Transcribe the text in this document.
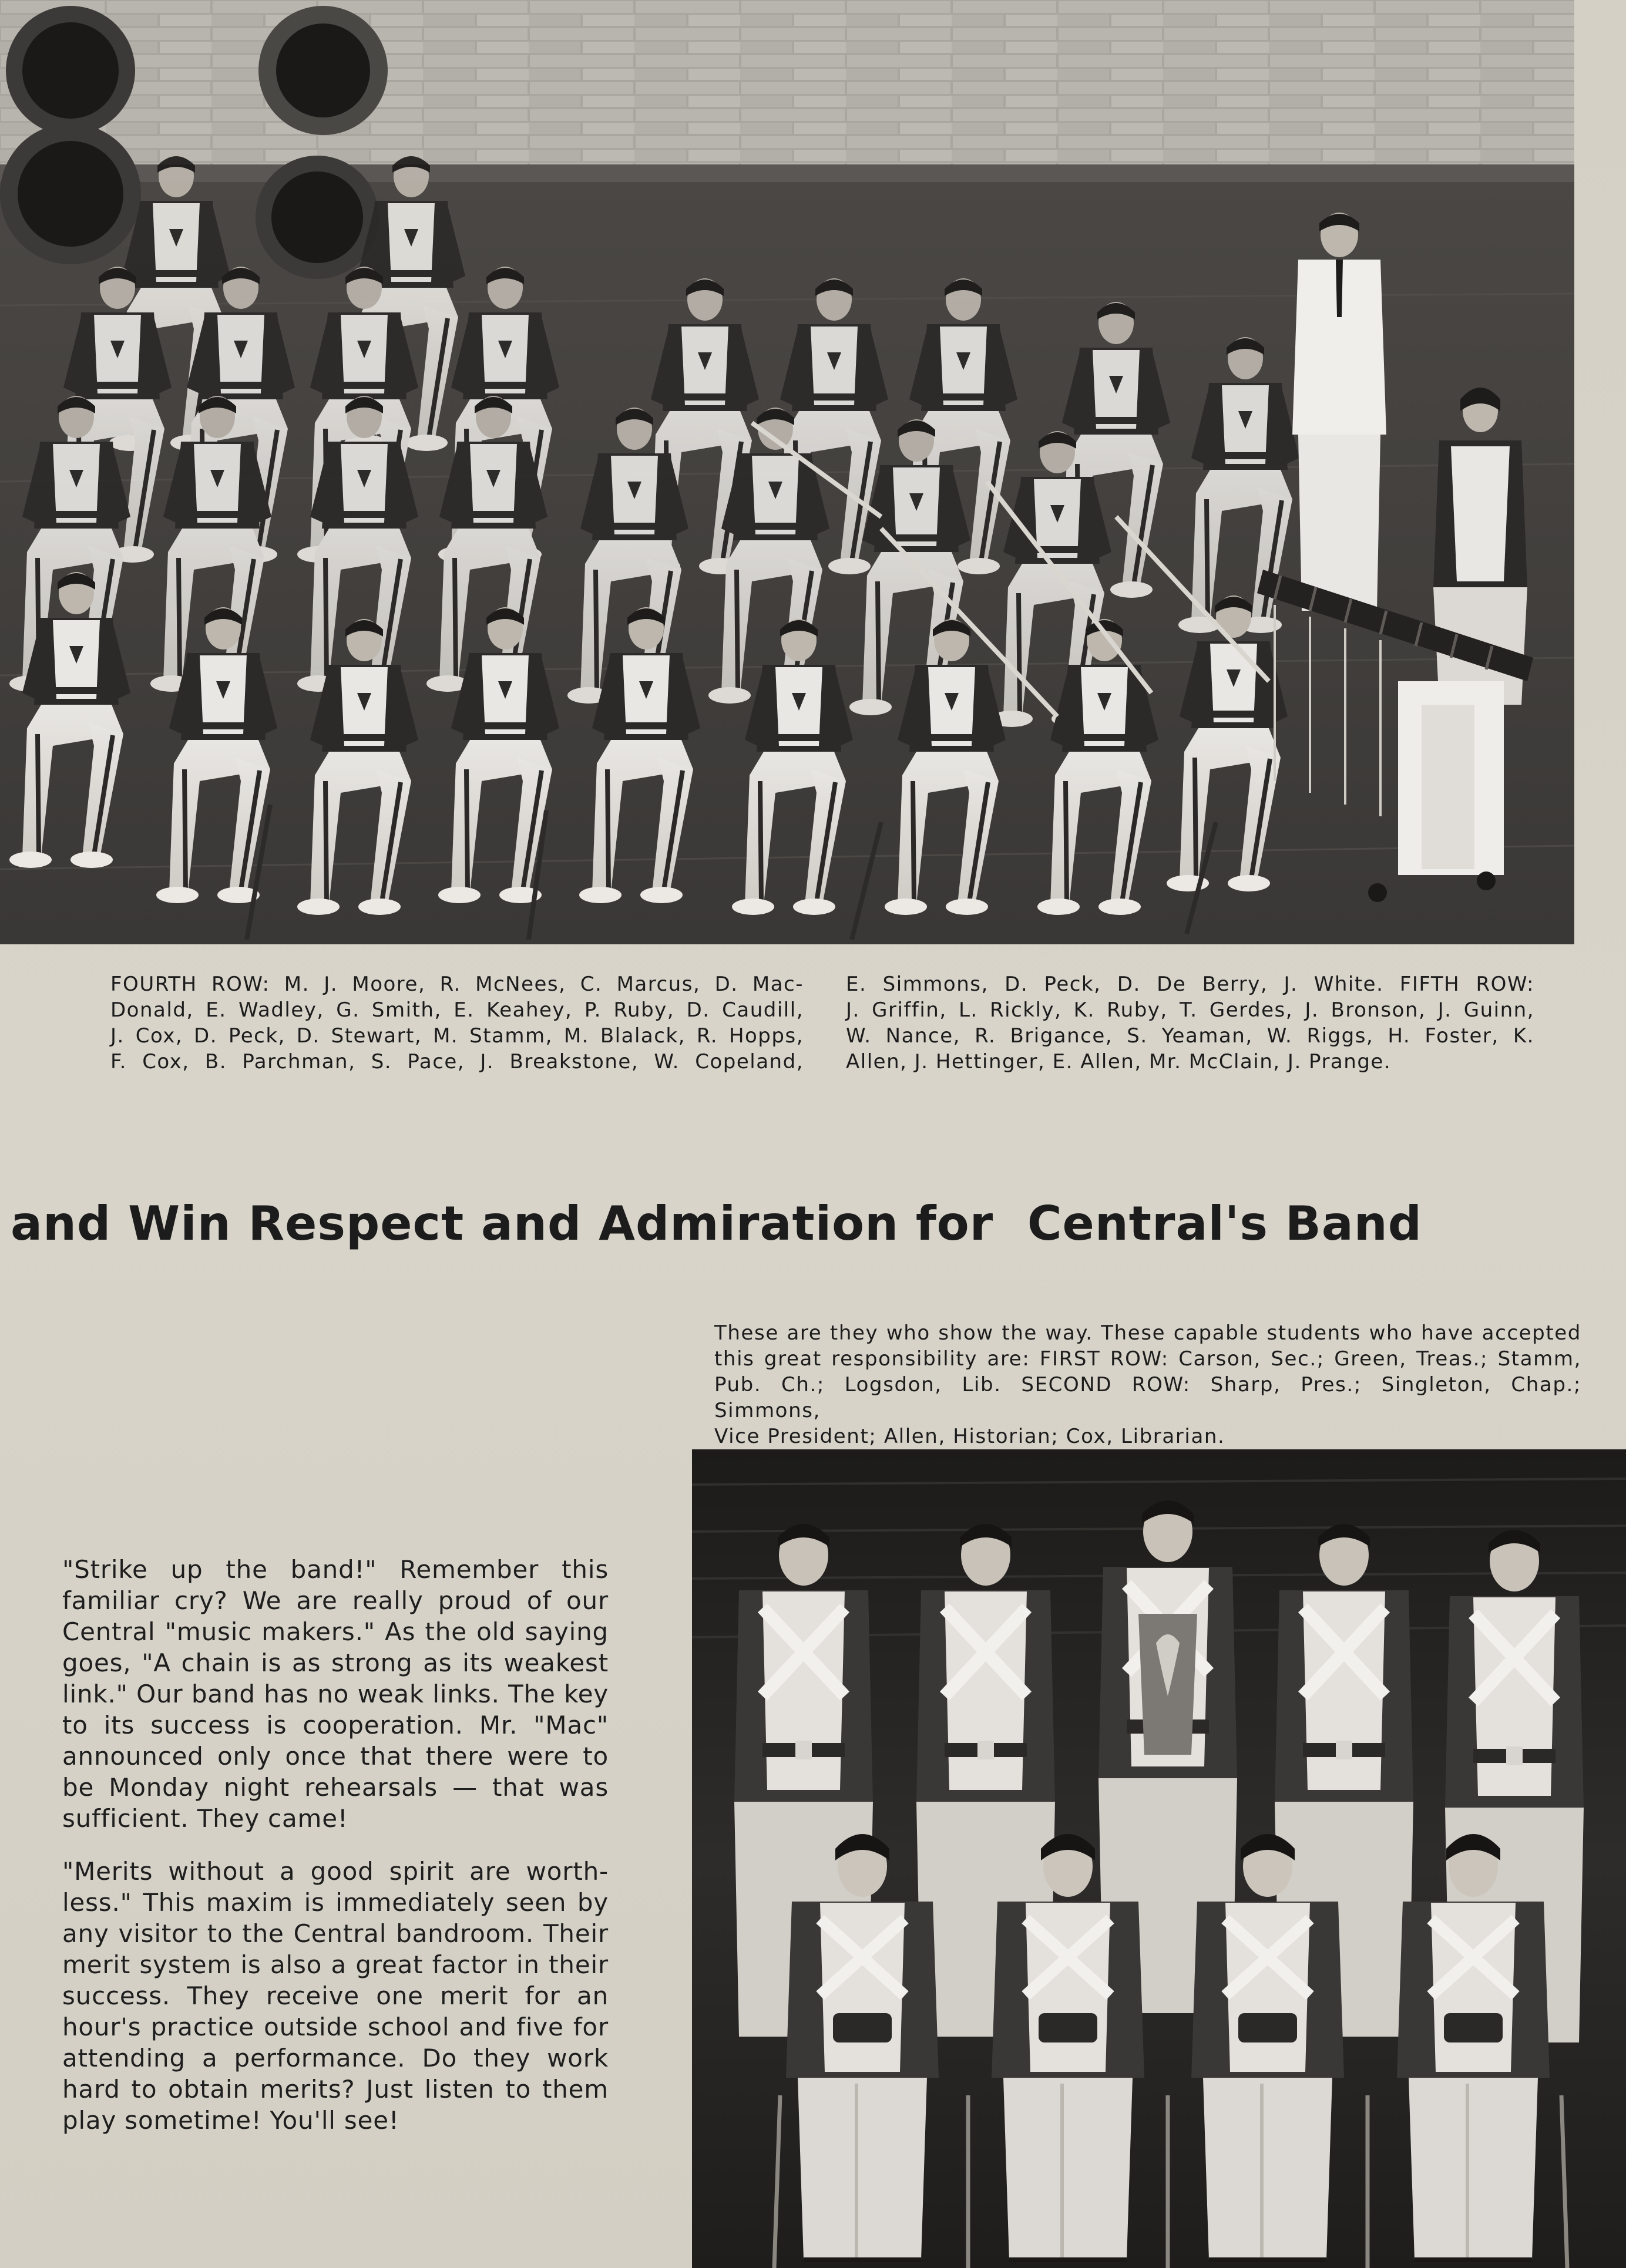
FOURTH ROW: M. J. Moore, R. McNees, C. Marcus, D. Mac-
Donald, E. Wadley, G. Smith, E. Keahey, P. Ruby, D. Caudill,
J. Cox, D. Peck, D. Stewart, M. Stamm, M. Blalack, R. Hopps,
F. Cox, B. Parchman, S. Pace, J. Breakstone, W. Copeland,
E. Simmons, D. Peck, D. De Berry, J. White. FIFTH ROW:
J. Griffin, L. Rickly, K. Ruby, T. Gerdes, J. Bronson, J. Guinn,
W. Nance, R. Brigance, S. Yeaman, W. Riggs, H. Foster, K.
Allen, J. Hettinger, E. Allen, Mr. McClain, J. Prange.
and Win Respect and Admiration for  Central's Band
These are they who show the way. These capable students who have accepted
this great responsibility are: FIRST ROW: Carson, Sec.; Green, Treas.; Stamm,
Pub. Ch.; Logsdon, Lib. SECOND ROW: Sharp, Pres.; Singleton, Chap.; Simmons,
Vice President; Allen, Historian; Cox, Librarian.
"Strike up the band!" Remember this
familiar cry? We are really proud of our
Central "music makers." As the old saying
goes, "A chain is as strong as its weakest
link." Our band has no weak links. The key
to its success is cooperation. Mr. "Mac"
announced only once that there were to
be Monday night rehearsals — that was
sufficient. They came!
"Merits without a good spirit are worth-
less." This maxim is immediately seen by
any visitor to the Central bandroom. Their
merit system is also a great factor in their
success. They receive one merit for an
hour's practice outside school and five for
attending a performance. Do they work
hard to obtain merits? Just listen to them
play sometime! You'll see!
